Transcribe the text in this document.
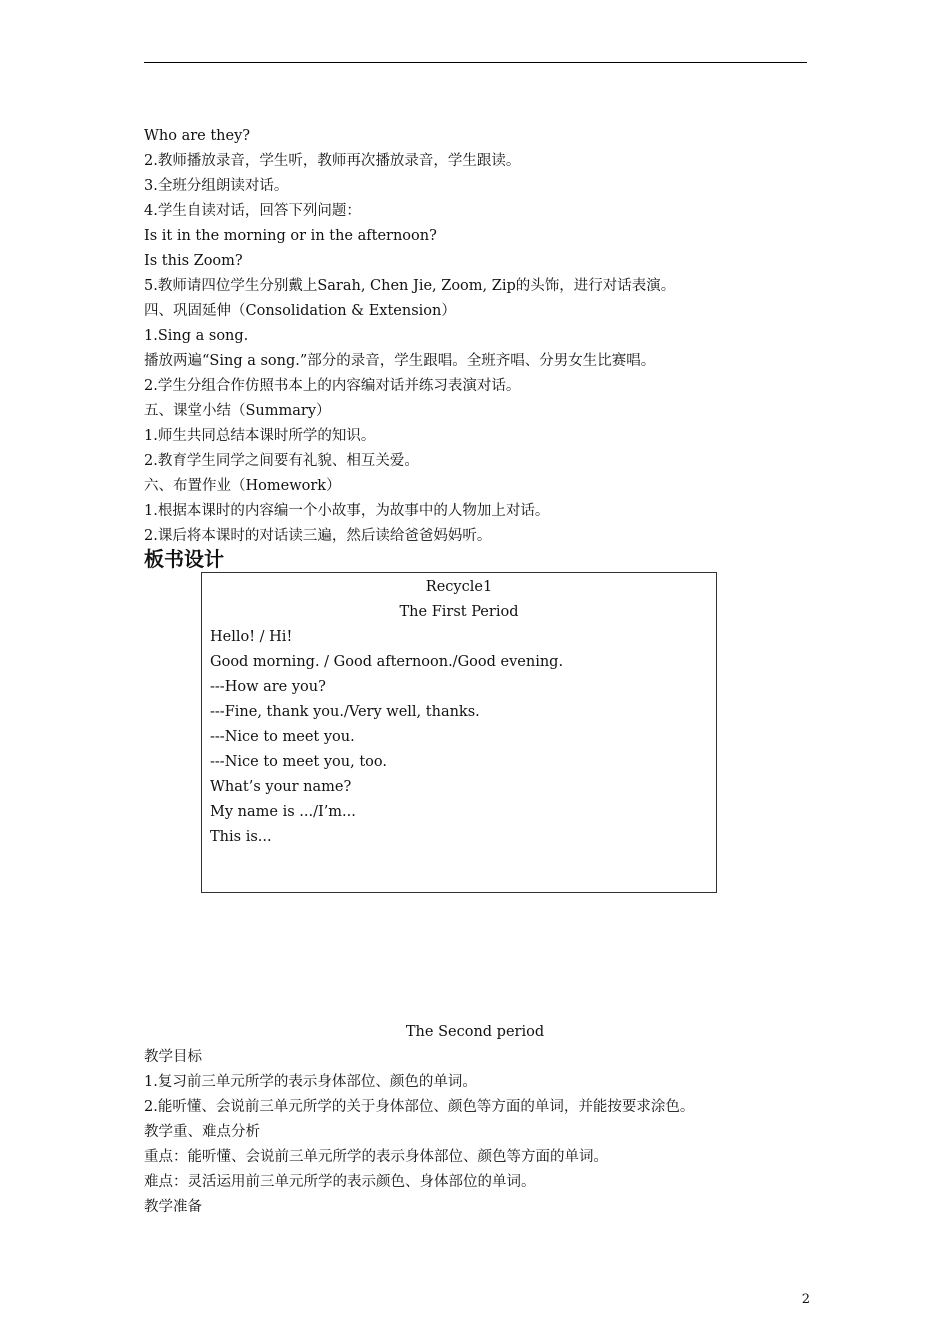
Who are they?
2.教师播放录音，学生听，教师再次播放录音，学生跟读。
3.全班分组朗读对话。
4.学生自读对话，回答下列问题：
Is it in the morning or in the afternoon?
Is this Zoom?
5.教师请四位学生分别戴上Sarah, Chen Jie, Zoom, Zip的头饰，进行对话表演。
四、巩固延伸（Consolidation & Extension）
1.Sing a song.
播放两遍“Sing a song.”部分的录音，学生跟唱。全班齐唱、分男女生比赛唱。
2.学生分组合作仿照书本上的内容编对话并练习表演对话。
五、课堂小结（Summary）
1.师生共同总结本课时所学的知识。
2.教育学生同学之间要有礼貌、相互关爱。
六、布置作业（Homework）
1.根据本课时的内容编一个小故事，为故事中的人物加上对话。
2.课后将本课时的对话读三遍，然后读给爸爸妈妈听。
板书设计
Recycle1
The First Period
Hello! / Hi!
Good morning. / Good afternoon./Good evening.
---How are you?
---Fine, thank you./Very well, thanks.
---Nice to meet you.
---Nice to meet you, too.
What’s your name?
My name is .../I’m...
This is...
The Second period
教学目标
1.复习前三单元所学的表示身体部位、颜色的单词。
2.能听懂、会说前三单元所学的关于身体部位、颜色等方面的单词，并能按要求涂色。
教学重、难点分析
重点：能听懂、会说前三单元所学的表示身体部位、颜色等方面的单词。
难点：灵活运用前三单元所学的表示颜色、身体部位的单词。
教学准备
2
